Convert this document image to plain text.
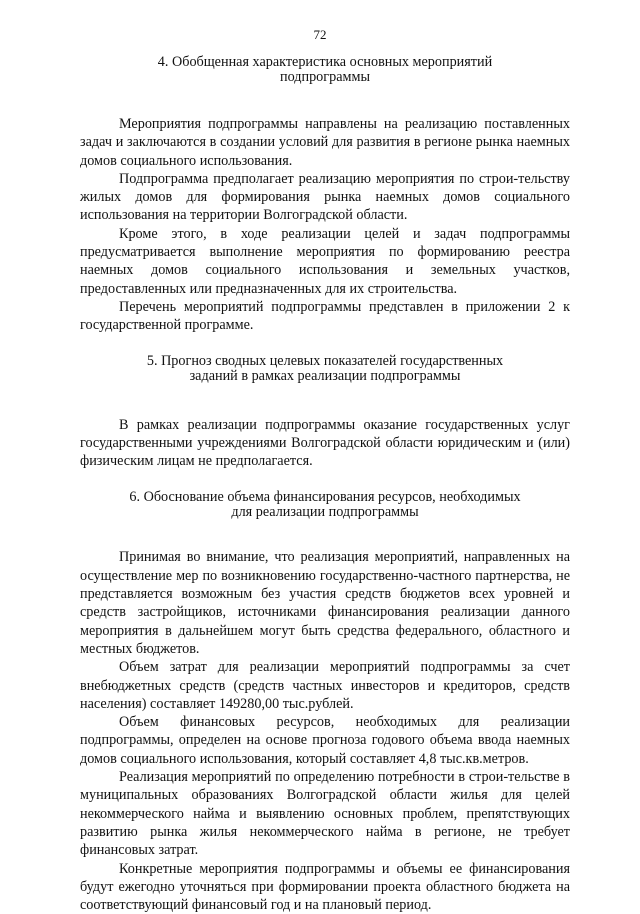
72
4. Обобщенная характеристика основных мероприятий
подпрограммы

Мероприятия подпрограммы направлены на реализацию поставленных задач и заключаются в создании условий для развития в регионе рынка наемных домов социального использования.

Подпрограмма предполагает реализацию мероприятия по строи-тельству жилых домов для формирования рынка наемных домов социального использования на территории Волгоградской области.

Кроме этого, в ходе реализации целей и задач подпрограммы предусматривается выполнение мероприятия по формированию реестра наемных домов социального использования и земельных участков, предоставленных или предназначенных для их строительства.

Перечень мероприятий подпрограммы представлен в приложении 2 к государственной программе.

5. Прогноз сводных целевых показателей государственных
заданий в рамках реализации подпрограммы

В рамках реализации подпрограммы оказание государственных услуг государственными учреждениями Волгоградской области юридическим и (или) физическим лицам не предполагается.

6. Обоснование объема финансирования ресурсов, необходимых
для реализации подпрограммы

Принимая во внимание, что реализация мероприятий, направленных на осуществление мер по возникновению государственно-частного партнерства, не представляется возможным без участия средств бюджетов всех уровней и средств застройщиков, источниками финансирования реализации данного мероприятия в дальнейшем могут быть средства федерального, областного и местных бюджетов.

Объем затрат для реализации мероприятий подпрограммы за счет внебюджетных средств (средств частных инвесторов и кредиторов, средств населения) составляет 149280,00 тыс.рублей.

Объем финансовых ресурсов, необходимых для реализации подпрограммы, определен на основе прогноза годового объема ввода наемных домов социального использования, который составляет 4,8 тыс.кв.метров.

Реализация мероприятий по определению потребности в строи-тельстве в муниципальных образованиях Волгоградской области жилья для целей некоммерческого найма и выявлению основных проблем, препятствующих развитию рынка жилья некоммерческого найма в регионе, не требует финансовых затрат.

Конкретные мероприятия подпрограммы и объемы ее финансирования будут ежегодно уточняться при формировании проекта областного бюджета на соответствующий финансовый год и на плановый период.
